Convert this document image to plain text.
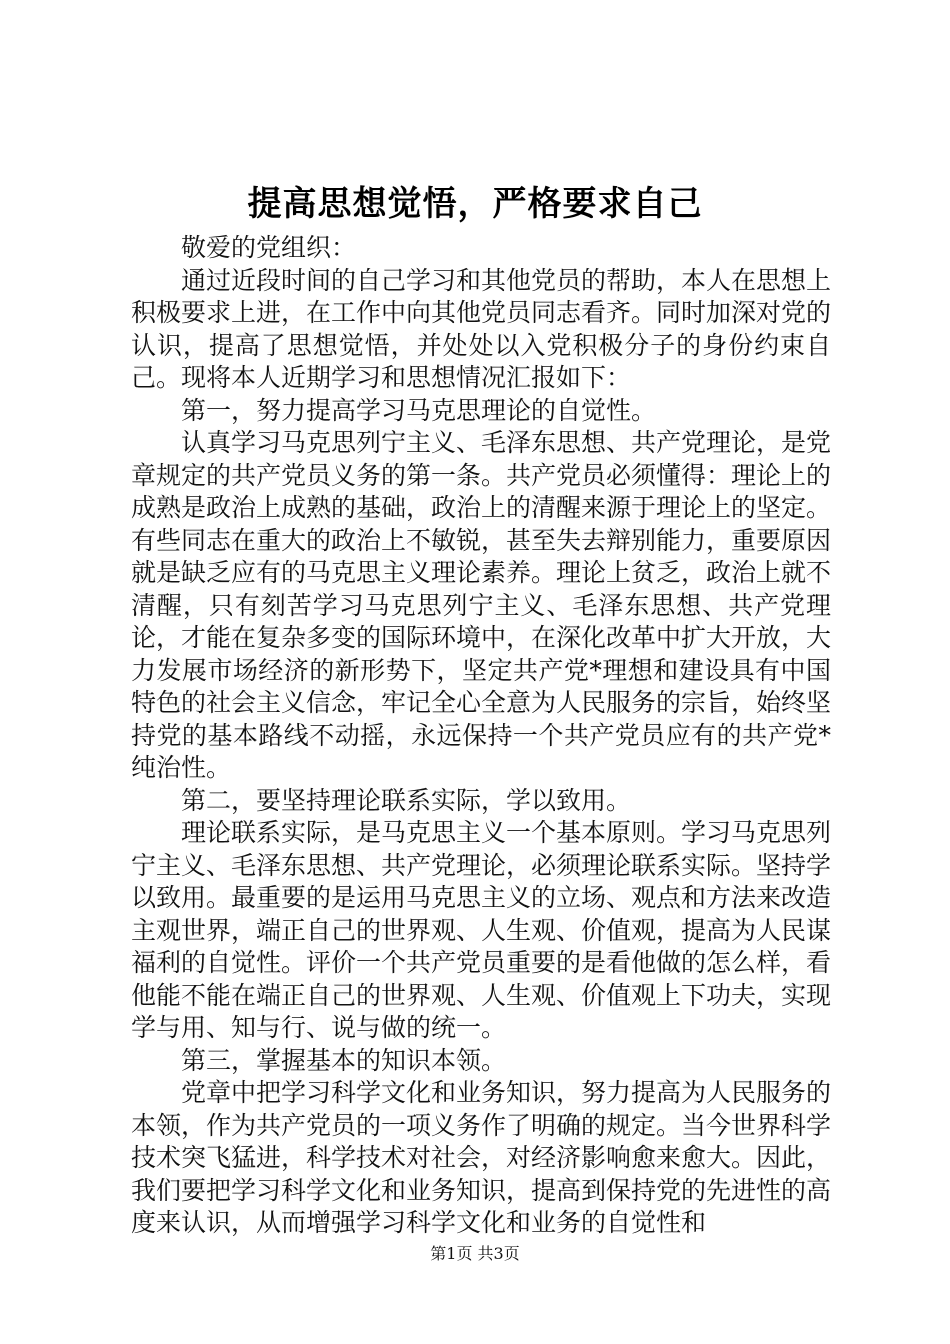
提高思想觉悟，严格要求自己

敬爱的党组织：

通过近段时间的自己学习和其他党员的帮助，本人在思想上积极要求上进，在工作中向其他党员同志看齐。同时加深对党的认识，提高了思想觉悟，并处处以入党积极分子的身份约束自己。现将本人近期学习和思想情况汇报如下：

第一，努力提高学习马克思理论的自觉性。

认真学习马克思列宁主义、毛泽东思想、共产党理论，是党章规定的共产党员义务的第一条。共产党员必须懂得：理论上的成熟是政治上成熟的基础，政治上的清醒来源于理论上的坚定。有些同志在重大的政治上不敏锐，甚至失去辩别能力，重要原因就是缺乏应有的马克思主义理论素养。理论上贫乏，政治上就不清醒，只有刻苦学习马克思列宁主义、毛泽东思想、共产党理论，才能在复杂多变的国际环境中，在深化改革中扩大开放，大力发展市场经济的新形势下，坚定共产党*理想和建设具有中国特色的社会主义信念，牢记全心全意为人民服务的宗旨，始终坚持党的基本路线不动摇，永远保持一个共产党员应有的共产党*纯治性。

第二，要坚持理论联系实际，学以致用。

理论联系实际，是马克思主义一个基本原则。学习马克思列宁主义、毛泽东思想、共产党理论，必须理论联系实际。坚持学以致用。最重要的是运用马克思主义的立场、观点和方法来改造主观世界，端正自己的世界观、人生观、价值观，提高为人民谋福利的自觉性。评价一个共产党员重要的是看他做的怎么样，看他能不能在端正自己的世界观、人生观、价值观上下功夫，实现学与用、知与行、说与做的统一。

第三，掌握基本的知识本领。

党章中把学习科学文化和业务知识，努力提高为人民服务的本领，作为共产党员的一项义务作了明确的规定。当今世界科学技术突飞猛进，科学技术对社会，对经济影响愈来愈大。因此，我们要把学习科学文化和业务知识，提高到保持党的先进性的高度来认识，从而增强学习科学文化和业务的自觉性和

第1页 共3页
